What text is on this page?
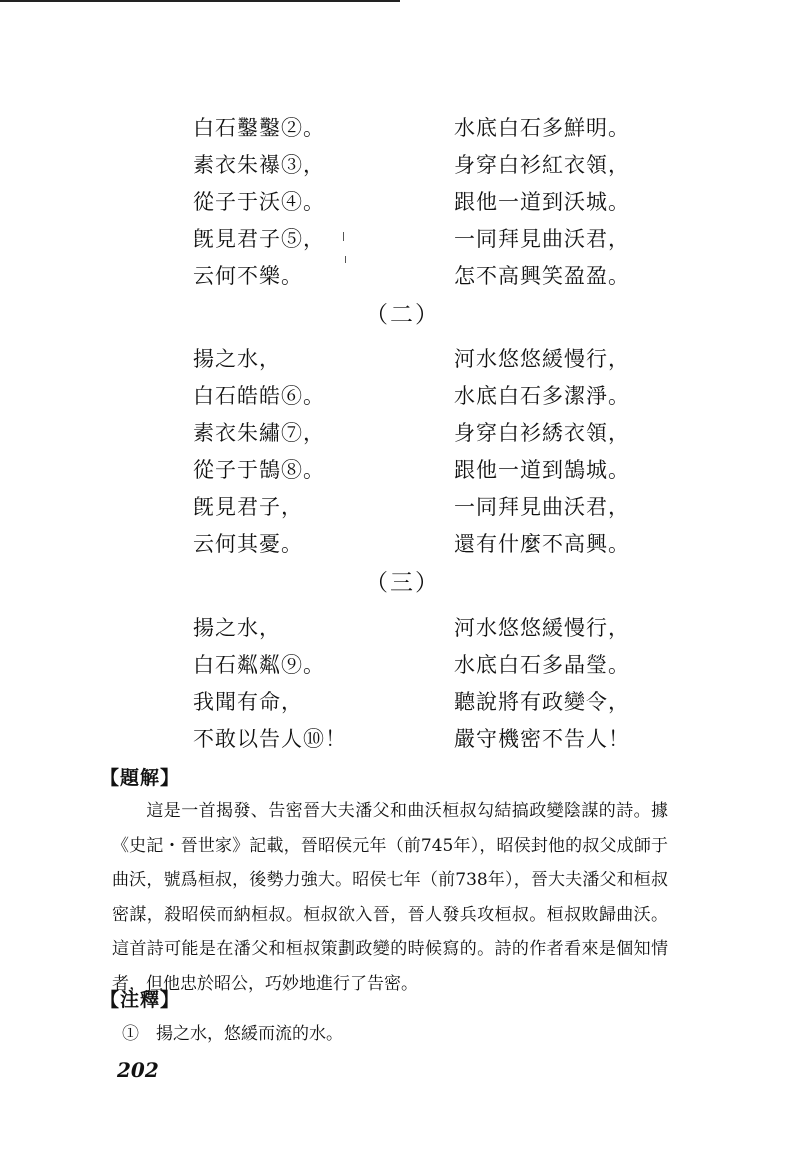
白石鑿鑿②。	水底白石多鮮明。
素衣朱襮③，	身穿白衫紅衣領，
從子于沃④。	跟他一道到沃城。
旣見君子⑤，	一同拜見曲沃君，
云何不樂。	怎不高興笑盈盈。
（二）
揚之水，	河水悠悠緩慢行，
白石皓皓⑥。	水底白石多潔淨。
素衣朱繡⑦，	身穿白衫綉衣領，
從子于鵠⑧。	跟他一道到鵠城。
旣見君子，	一同拜見曲沃君，
云何其憂。	還有什麼不高興。
（三）
揚之水，	河水悠悠緩慢行，
白石粼粼⑨。	水底白石多晶瑩。
我聞有命，	聽說將有政變令，
不敢以告人⑩！	嚴守機密不告人！
【題解】
這是一首揭發、告密晉大夫潘父和曲沃桓叔勾結搞政變陰謀的詩。據《史記・晉世家》記載，晉昭侯元年（前745年），昭侯封他的叔父成師于曲沃，號爲桓叔，後勢力強大。昭侯七年（前738年），晉大夫潘父和桓叔密謀，殺昭侯而納桓叔。桓叔欲入晉，晉人發兵攻桓叔。桓叔敗歸曲沃。這首詩可能是在潘父和桓叔策劃政變的時候寫的。詩的作者看來是個知情者，但他忠於昭公，巧妙地進行了告密。
【注釋】
①　揚之水，悠緩而流的水。
202
